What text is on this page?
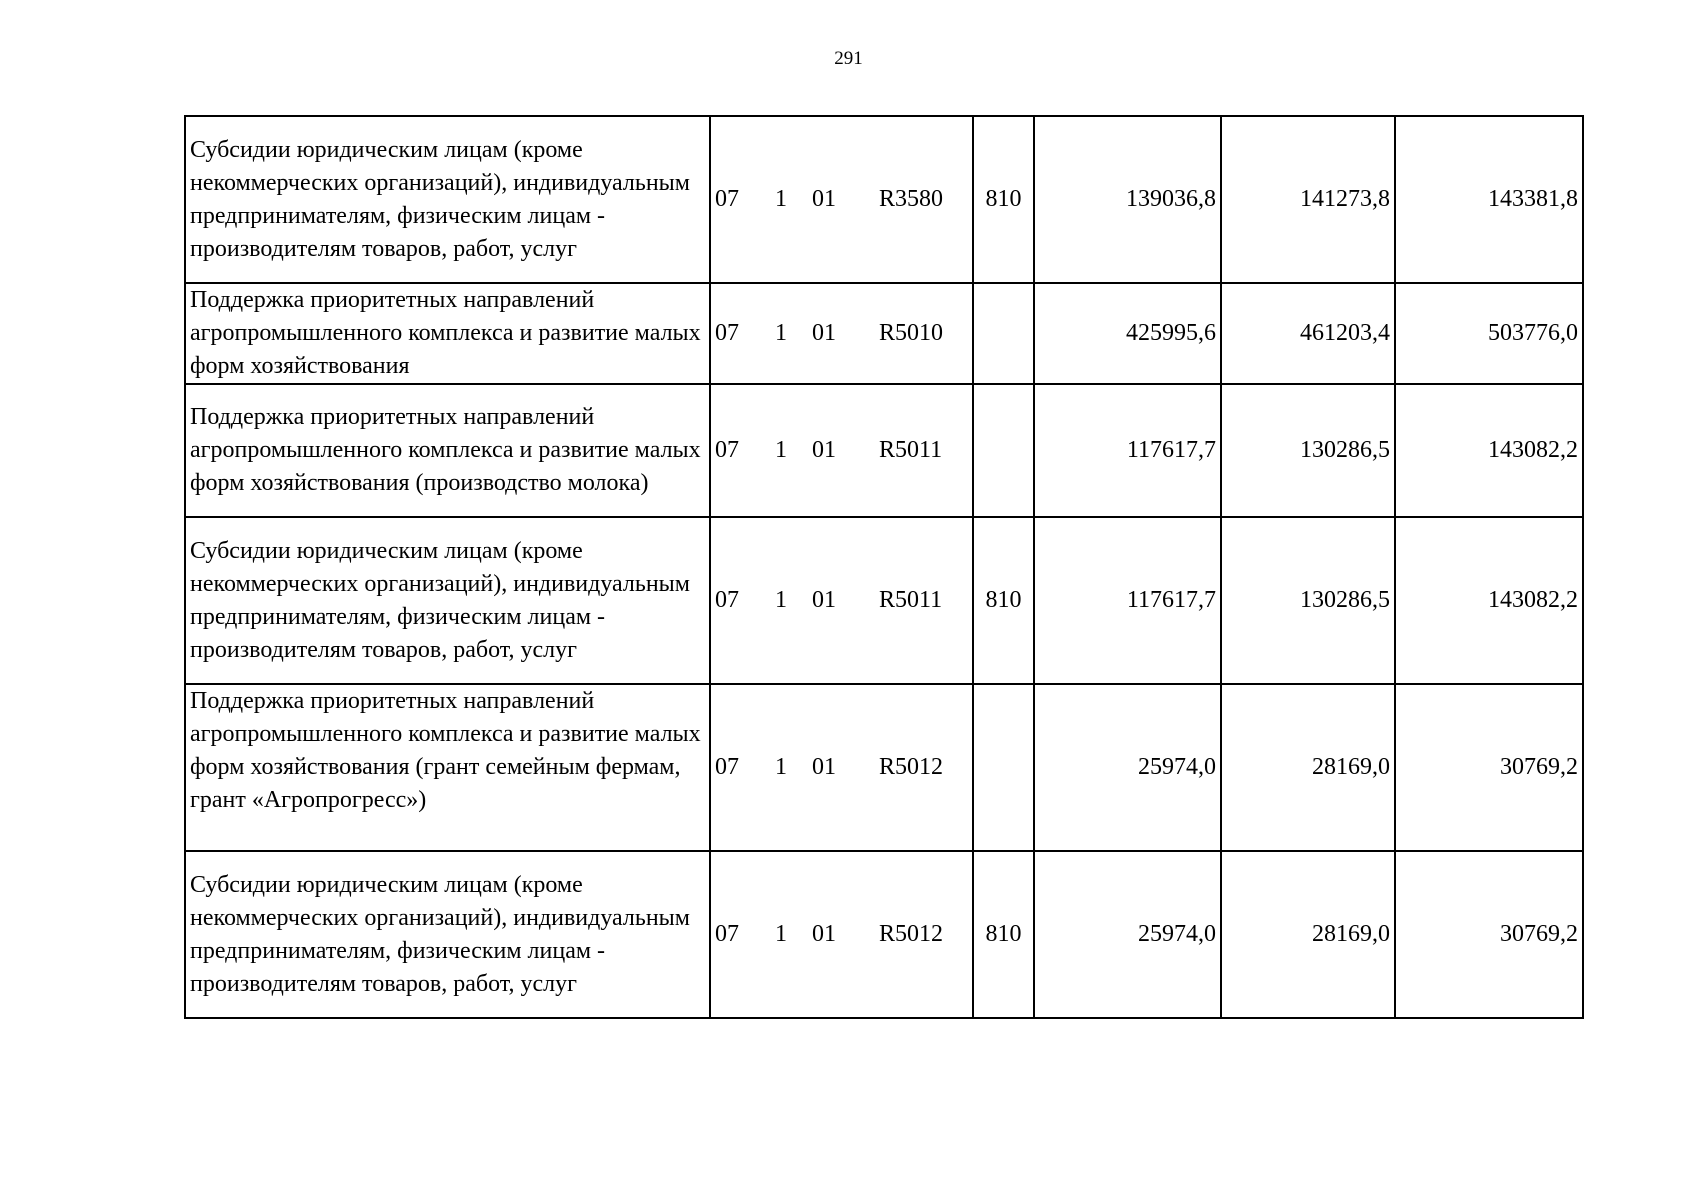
291
Субсидии юридическим лицам (кроме некоммерческих организаций), индивидуальным предпринимателям, физическим лицам - производителям товаров, работ, услуг	07 1 01 R3580	810	139036,8	141273,8	143381,8
Поддержка приоритетных направлений агропромышленного комплекса и развитие малых форм хозяйствования	07 1 01 R5010		425995,6	461203,4	503776,0
Поддержка приоритетных направлений агропромышленного комплекса и развитие малых форм хозяйствования (производство молока)	07 1 01 R5011		117617,7	130286,5	143082,2
Субсидии юридическим лицам (кроме некоммерческих организаций), индивидуальным предпринимателям, физическим лицам - производителям товаров, работ, услуг	07 1 01 R5011	810	117617,7	130286,5	143082,2
Поддержка приоритетных направлений агропромышленного комплекса и развитие малых форм хозяйствования (грант семейным фермам, грант «Агропрогресс»)	07 1 01 R5012		25974,0	28169,0	30769,2
Субсидии юридическим лицам (кроме некоммерческих организаций), индивидуальным предпринимателям, физическим лицам - производителям товаров, работ, услуг	07 1 01 R5012	810	25974,0	28169,0	30769,2
